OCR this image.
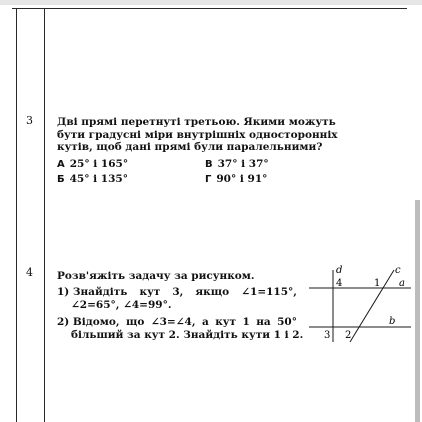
3 Дві прямі перетнуті третьою. Якими можуть
бути градусні міри внутрішніх односторонніх
кутів, щоб дані прямі були паралельними?
А 25° і 165°	В 37° і 37°
Б 45° і 135°	Г 90° і 91°
4 Розв'яжіть задачу за рисунком.
1) Знайдіть кут 3, якщо ∠1=115°,
∠2=65°, ∠4=99°.
2) Відомо, що ∠3=∠4, а кут 1 на 50°
більший за кут 2. Знайдіть кути 1 і 2.
d	c
a
b
4	1
3 2
